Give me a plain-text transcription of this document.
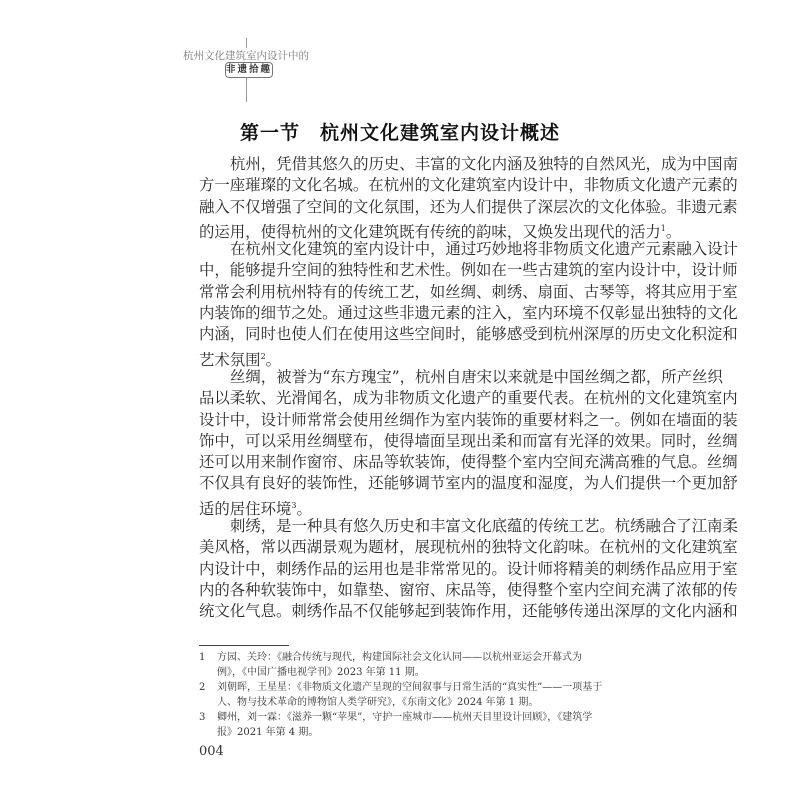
杭州文化建筑室内设计中的
非遗拾趣
第一节　杭州文化建筑室内设计概述
杭州，凭借其悠久的历史、丰富的文化内涵及独特的自然风光，成为中国南
方一座璀璨的文化名城。在杭州的文化建筑室内设计中，非物质文化遗产元素的
融入不仅增强了空间的文化氛围，还为人们提供了深层次的文化体验。非遗元素
的运用，使得杭州的文化建筑既有传统的韵味，又焕发出现代的活力$^1$。
在杭州文化建筑的室内设计中，通过巧妙地将非物质文化遗产元素融入设计
中，能够提升空间的独特性和艺术性。例如在一些古建筑的室内设计中，设计师
常常会利用杭州特有的传统工艺，如丝绸、刺绣、扇面、古琴等，将其应用于室
内装饰的细节之处。通过这些非遗元素的注入，室内环境不仅彰显出独特的文化
内涵，同时也使人们在使用这些空间时，能够感受到杭州深厚的历史文化积淀和
艺术氛围$^2$。
丝绸，被誉为“东方瑰宝”，杭州自唐宋以来就是中国丝绸之都，所产丝织
品以柔软、光滑闻名，成为非物质文化遗产的重要代表。在杭州的文化建筑室内
设计中，设计师常常会使用丝绸作为室内装饰的重要材料之一。例如在墙面的装
饰中，可以采用丝绸壁布，使得墙面呈现出柔和而富有光泽的效果。同时，丝绸
还可以用来制作窗帘、床品等软装饰，使得整个室内空间充满高雅的气息。丝绸
不仅具有良好的装饰性，还能够调节室内的温度和湿度，为人们提供一个更加舒
适的居住环境$^3$。
刺绣，是一种具有悠久历史和丰富文化底蕴的传统工艺。杭绣融合了江南柔
美风格，常以西湖景观为题材，展现杭州的独特文化韵味。在杭州的文化建筑室
内设计中，刺绣作品的运用也是非常常见的。设计师将精美的刺绣作品应用于室
内的各种软装饰中，如靠垫、窗帘、床品等，使得整个室内空间充满了浓郁的传
统文化气息。刺绣作品不仅能够起到装饰作用，还能够传递出深厚的文化内涵和
1	方园、关玲：《融合传统与现代，构建国际社会文化认同——以杭州亚运会开幕式为例》，《中国广播电视学刊》2023 年第 11 期。
2	刘朝晖，王星星：《非物质文化遗产呈现的空间叙事与日常生活的“真实性”——一项基于人、物与技术革命的博物馆人类学研究》，《东南文化》2024 年第 1 期。
3	卿州，刘一霖：《滋养一颗“苹果”，守护一座城市——杭州天目里设计回顾》，《建筑学报》2021 年第 4 期。
004
